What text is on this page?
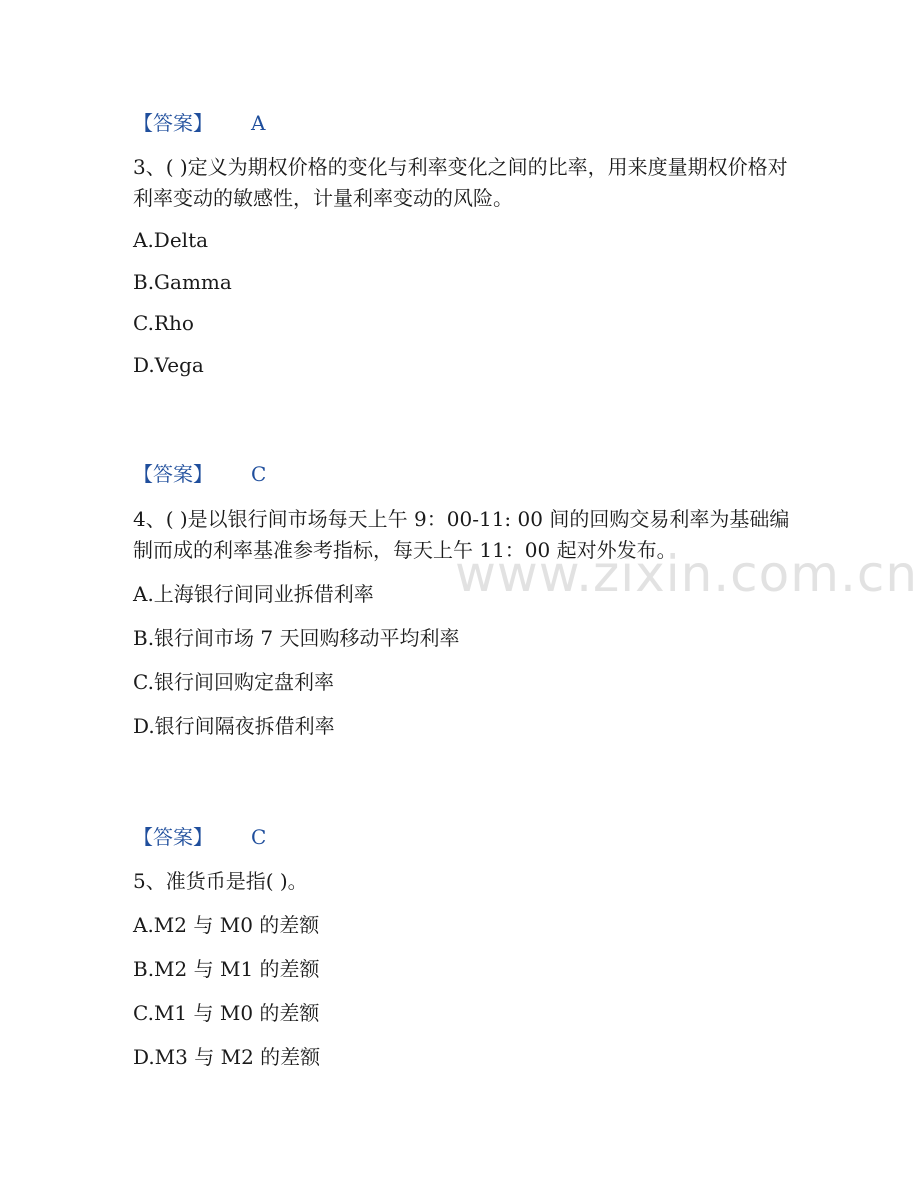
【答案】 A
3、( )定义为期权价格的变化与利率变化之间的比率，用来度量期权价格对利率变动的敏感性，计量利率变动的风险。
A.Delta
B.Gamma
C.Rho
D.Vega
【答案】 C
4、( )是以银行间市场每天上午 9：00-11: 00 间的回购交易利率为基础编制而成的利率基准参考指标，每天上午 11：00 起对外发布。
A.上海银行间同业拆借利率
B.银行间市场 7 天回购移动平均利率
C.银行间回购定盘利率
D.银行间隔夜拆借利率
【答案】 C
5、准货币是指( )。
A.M2 与 M0 的差额
B.M2 与 M1 的差额
C.M1 与 M0 的差额
D.M3 与 M2 的差额
www.zixin.com.cn
